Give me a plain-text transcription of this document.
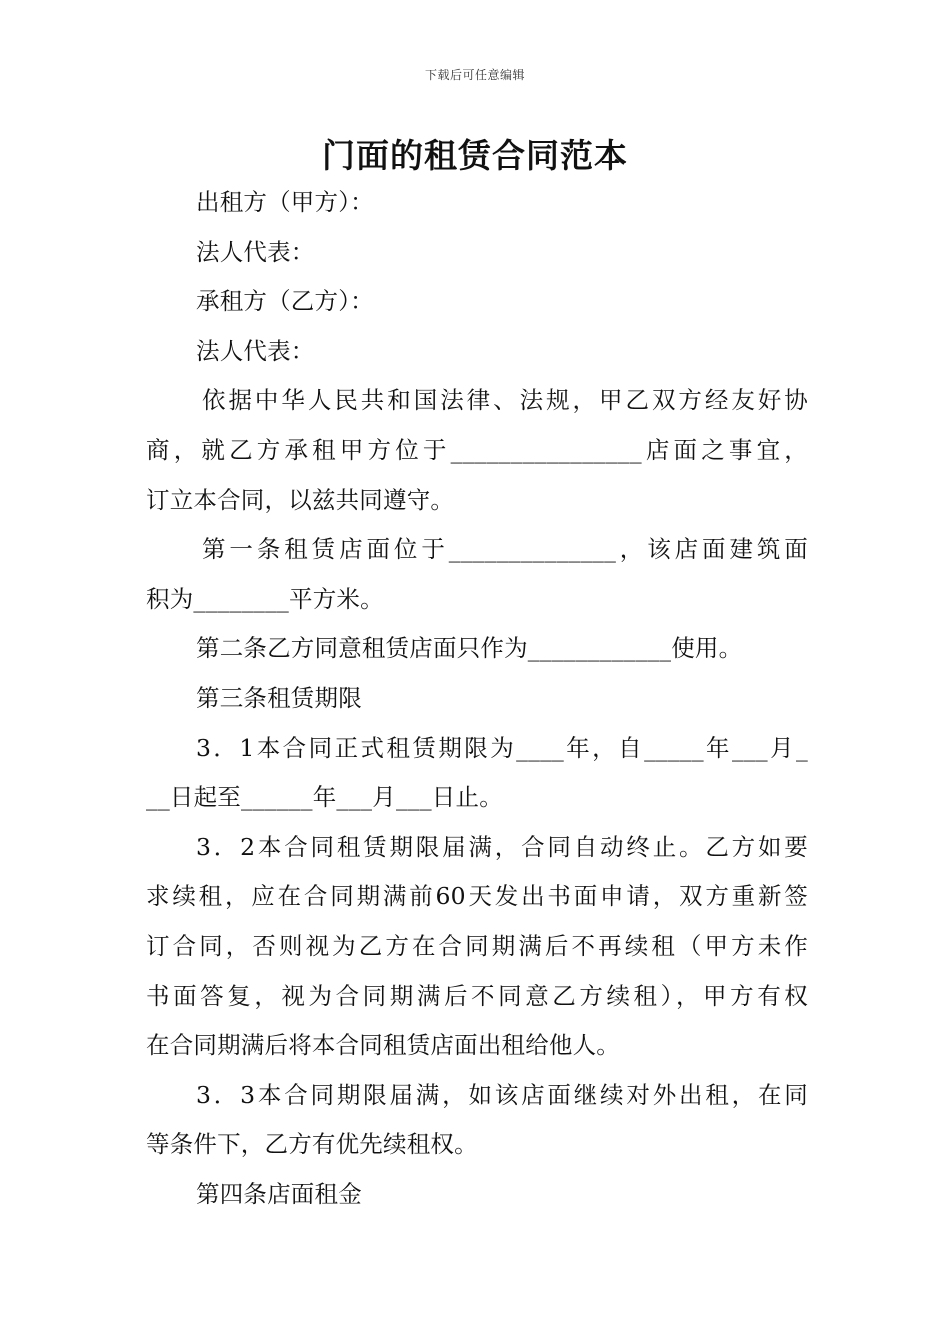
下载后可任意编辑
门面的租赁合同范本
出租方（甲方）：
法人代表：
承租方（乙方）：
法人代表：
依据中华人民共和国法律、法规，甲乙双方经友好协
商，就乙方承租甲方位于________________店面之事宜，
订立本合同，以兹共同遵守。
第一条租赁店面位于______________，该店面建筑面
积为________平方米。
第二条乙方同意租赁店面只作为____________使用。
第三条租赁期限
3．1本合同正式租赁期限为____年，自_____年___月_
__日起至______年___月___日止。
3．2本合同租赁期限届满，合同自动终止。乙方如要
求续租，应在合同期满前60天发出书面申请，双方重新签
订合同，否则视为乙方在合同期满后不再续租（甲方未作
书面答复，视为合同期满后不同意乙方续租），甲方有权
在合同期满后将本合同租赁店面出租给他人。
3．3本合同期限届满，如该店面继续对外出租，在同
等条件下，乙方有优先续租权。
第四条店面租金
